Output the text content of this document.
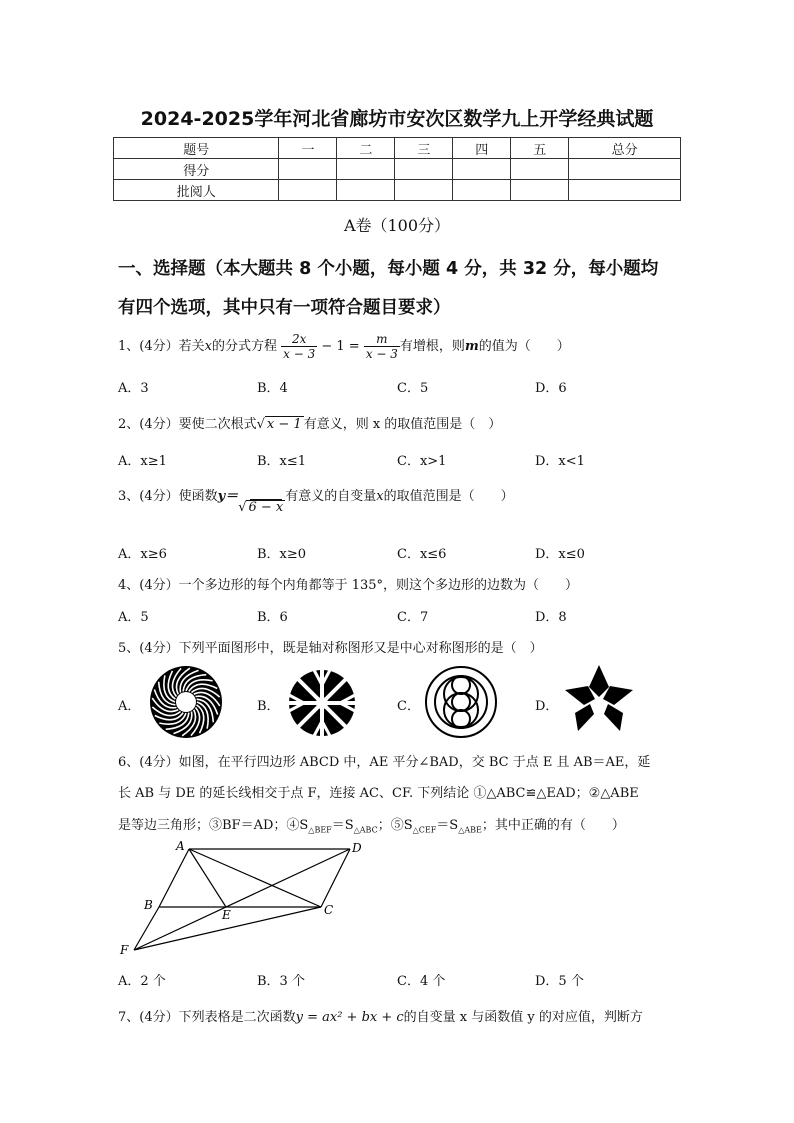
2024-2025学年河北省廊坊市安次区数学九上开学经典试题
题号	一	二	三	四	五	总分
得分						
批阅人						
A卷（100分）
一、选择题（本大题共 8 个小题，每小题 4 分，共 32 分，每小题均
有四个选项，其中只有一项符合题目要求）
1、(4分）若关x的分式方程 $\frac{2x}{x - 3} - 1 = \frac{m}{x - 3}$ 有增根，则m的值为（　　）
A．3	B．4	C．5	D．6
2、(4分）要使二次根式√ x − 1 有意义，则 x 的取值范围是（　）
A．x≥1	B．x≤1	C．x>1	D．x<1
3、(4分）使函数y＝

√ 6 − x
有意义的自变量x的取值范围是（　　）
A．x≥6	B．x≥0	C．x≤6	D．x≤0
4、(4分）一个多边形的每个内角都等于 135°，则这个多边形的边数为（　　）
A．5	B．6	C．7	D．8
5、(4分）下列平面图形中，既是轴对称图形又是中心对称图形的是（　）
A．	B．	C．	D．
6、(4分）如图，在平行四边形 ABCD 中，AE 平分∠BAD，交 BC 于点 E 且 AB＝AE，延
长 AB 与 DE 的延长线相交于点 F，连接 AC、CF. 下列结论 ①△ABC≌△EAD；②△ABE
是等边三角形；③BF＝AD；$④S_{\triangle BEF}=S_{\triangle ABC}$；$⑤S_{\triangle CEF}=S_{\triangle ABE}$；其中正确的有（　　）
A	D
B
E	C
F
A．2 个	B．3 个	C．4 个	D．5 个
7、(4分）下列表格是二次函数y = ax² + bx + c的自变量 x 与函数值 y 的对应值，判断方
